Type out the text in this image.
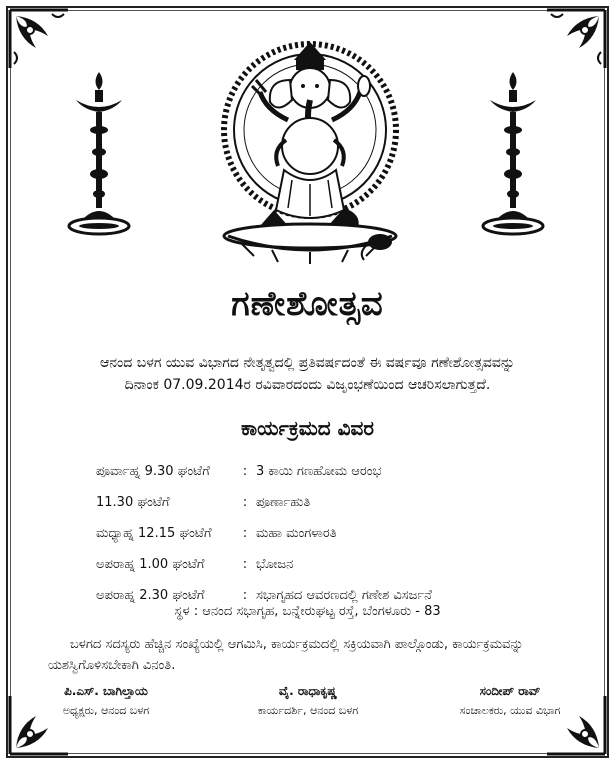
ಗಣೇಶೋತ್ಸವ
ಆನಂದ ಬಳಗ ಯುವ ವಿಭಾಗದ ನೇತೃತ್ವದಲ್ಲಿ ಪ್ರತಿವರ್ಷದಂತೆ ಈ ವರ್ಷವೂ ಗಣೇಶೋತ್ಸವವನ್ನು
ದಿನಾಂಕ 07.09.2014ರ ರವಿವಾರದಂದು ವಿಜೃಂಭಣೆಯಿಂದ ಆಚರಿಸಲಾಗುತ್ತದೆ.
ಕಾರ್ಯಕ್ರಮದ ವಿವರ
ಪೂರ್ವಾಹ್ನ 9.30 ಘಂಟೆಗೆ	: 3 ಕಾಯಿ ಗಣಹೋಮ ಆರಂಭ
11.30 ಘಂಟೆಗೆ	: ಪೂರ್ಣಾಹುತಿ
ಮಧ್ಯಾಹ್ನ 12.15 ಘಂಟೆಗೆ	: ಮಹಾ ಮಂಗಳಾರತಿ
ಅಪರಾಹ್ನ 1.00 ಘಂಟೆಗೆ	: ಭೋಜನ
ಅಪರಾಹ್ನ 2.30 ಘಂಟೆಗೆ	: ಸಭಾಗೃಹದ ಆವರಣದಲ್ಲಿ ಗಣೇಶ ವಿಸರ್ಜನೆ
ಸ್ಥಳ : ಆನಂದ ಸಭಾಗೃಹ, ಬನ್ನೇರುಘಟ್ಟ ರಸ್ತೆ, ಬೆಂಗಳೂರು - 83
ಬಳಗದ ಸದಸ್ಯರು ಹೆಚ್ಚಿನ ಸಂಖ್ಯೆಯಲ್ಲಿ ಆಗಮಿಸಿ, ಕಾರ್ಯಕ್ರಮದಲ್ಲಿ ಸಕ್ರಿಯವಾಗಿ ಪಾಲ್ಗೊಂಡು, ಕಾರ್ಯಕ್ರಮವನ್ನು ಯಶಸ್ವಿಗೊಳಿಸಬೇಕಾಗಿ ವಿನಂತಿ.
ಪಿ.ಎಸ್. ಬಾಗಿಲ್ತಾಯ
ಅಧ್ಯಕ್ಷರು, ಆನಂದ ಬಳಗ
ವೈ. ರಾಧಾಕೃಷ್ಣ
ಕಾರ್ಯದರ್ಶಿ, ಆನಂದ ಬಳಗ
ಸಂದೀಪ್ ರಾವ್
ಸಂಚಾಲಕರು, ಯುವ ವಿಭಾಗ
